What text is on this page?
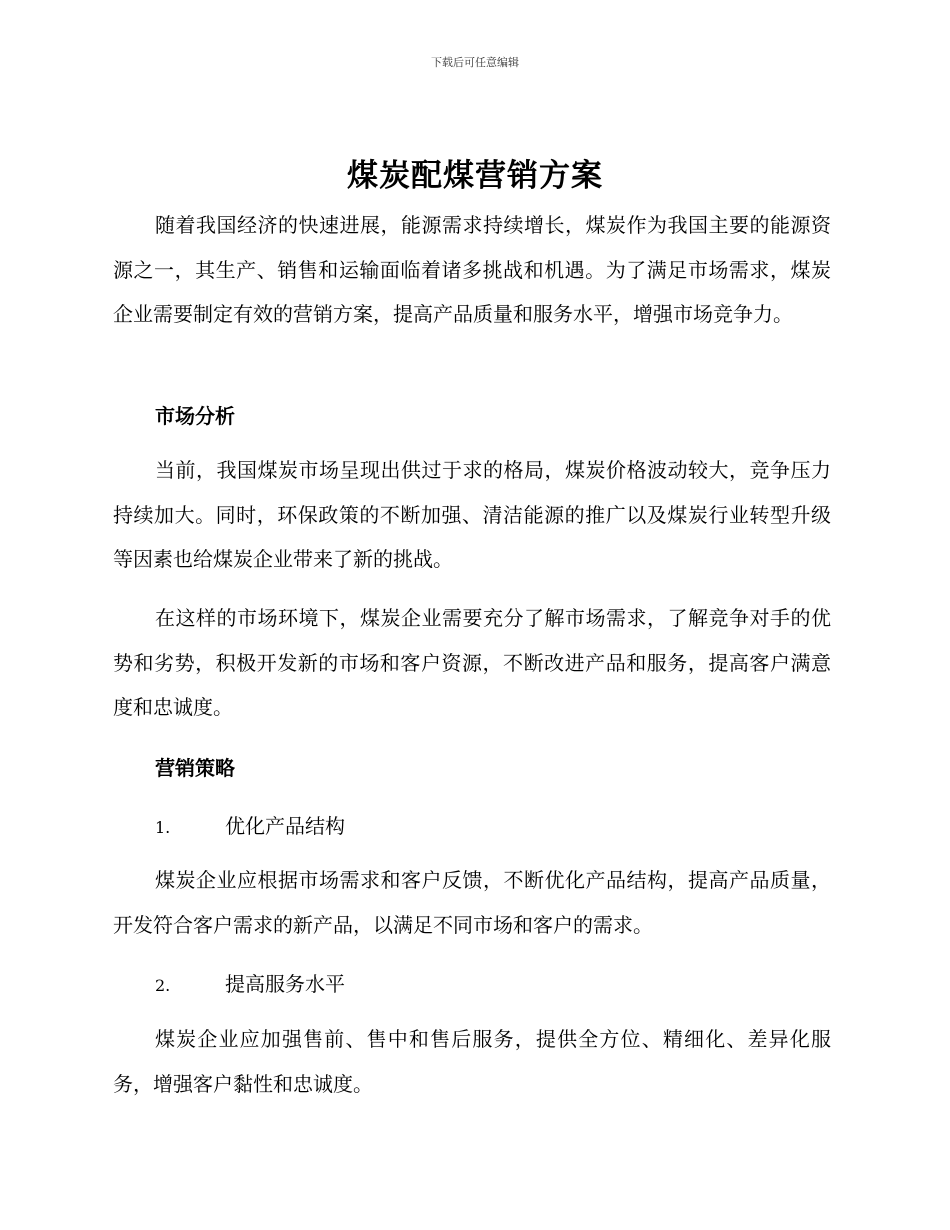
下载后可任意编辑
煤炭配煤营销方案

随着我国经济的快速进展，能源需求持续增长，煤炭作为我国主要的能源资源之一，其生产、销售和运输面临着诸多挑战和机遇。为了满足市场需求，煤炭企业需要制定有效的营销方案，提高产品质量和服务水平，增强市场竞争力。

市场分析

当前，我国煤炭市场呈现出供过于求的格局，煤炭价格波动较大，竞争压力持续加大。同时，环保政策的不断加强、清洁能源的推广以及煤炭行业转型升级等因素也给煤炭企业带来了新的挑战。

在这样的市场环境下，煤炭企业需要充分了解市场需求，了解竞争对手的优势和劣势，积极开发新的市场和客户资源，不断改进产品和服务，提高客户满意度和忠诚度。

营销策略

1.	优化产品结构

煤炭企业应根据市场需求和客户反馈，不断优化产品结构，提高产品质量，开发符合客户需求的新产品，以满足不同市场和客户的需求。

2.	提高服务水平

煤炭企业应加强售前、售中和售后服务，提供全方位、精细化、差异化服务，增强客户黏性和忠诚度。
